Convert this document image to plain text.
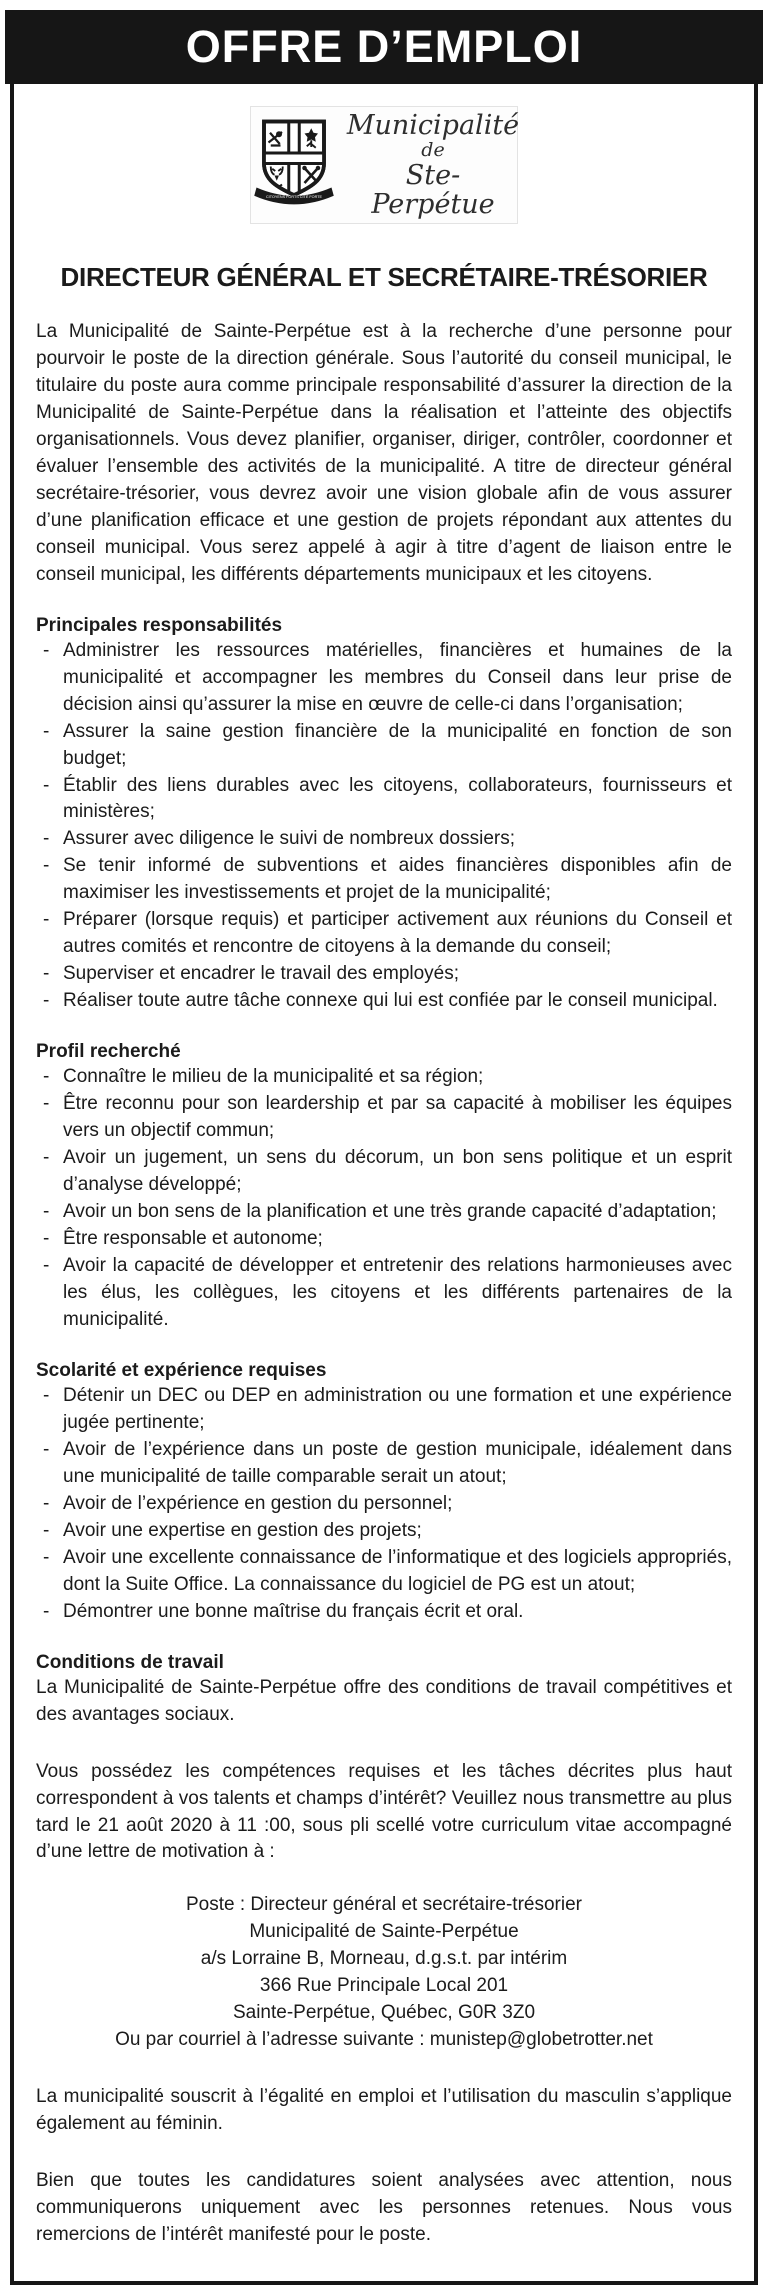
OFFRE D’EMPLOI
CITOYENS FORTS CITÉ FORTE
Municipalité
de
Ste-Perpétue
DIRECTEUR GÉNÉRAL ET SECRÉTAIRE-TRÉSORIER

La Municipalité de Sainte-Perpétue est à la recherche d’une personne pour pourvoir le poste de la direction générale. Sous l’autorité du conseil municipal, le titulaire du poste aura comme principale responsabilité d’assurer la direction de la Municipalité de Sainte-Perpétue dans la réalisation et l’atteinte des objectifs organisationnels. Vous devez planifier, organiser, diriger, contrôler, coordonner et évaluer l’ensemble des activités de la municipalité. A titre de directeur général secrétaire-trésorier, vous devrez avoir une vision globale afin de vous assurer d’une planification efficace et une gestion de projets répondant aux attentes du conseil municipal. Vous serez appelé à agir à titre d’agent de liaison entre le conseil municipal, les différents départements municipaux et les citoyens.

Principales responsabilités
- Administrer les ressources matérielles, financières et humaines de la municipalité et accompagner les membres du Conseil dans leur prise de décision ainsi qu’assurer la mise en œuvre de celle-ci dans l’organisation;
- Assurer la saine gestion financière de la municipalité en fonction de son budget;
- Établir des liens durables avec les citoyens, collaborateurs, fournisseurs et ministères;
- Assurer avec diligence le suivi de nombreux dossiers;
- Se tenir informé de subventions et aides financières disponibles afin de maximiser les investissements et projet de la municipalité;
- Préparer (lorsque requis) et participer activement aux réunions du Conseil et autres comités et rencontre de citoyens à la demande du conseil;
- Superviser et encadrer le travail des employés;
- Réaliser toute autre tâche connexe qui lui est confiée par le conseil municipal.
Profil recherché
- Connaître le milieu de la municipalité et sa région;
- Être reconnu pour son leardership et par sa capacité à mobiliser les équipes vers un objectif commun;
- Avoir un jugement, un sens du décorum, un bon sens politique et un esprit d’analyse développé;
- Avoir un bon sens de la planification et une très grande capacité d’adaptation;
- Être responsable et autonome;
- Avoir la capacité de développer et entretenir des relations harmonieuses avec les élus, les collègues, les citoyens et les différents partenaires de la municipalité.
Scolarité et expérience requises
- Détenir un DEC ou DEP en administration ou une formation et une expérience jugée pertinente;
- Avoir de l’expérience dans un poste de gestion municipale, idéalement dans une municipalité de taille comparable serait un atout;
- Avoir de l’expérience en gestion du personnel;
- Avoir une expertise en gestion des projets;
- Avoir une excellente connaissance de l’informatique et des logiciels appropriés, dont la Suite Office. La connaissance du logiciel de PG est un atout;
- Démontrer une bonne maîtrise du français écrit et oral.
Conditions de travail

La Municipalité de Sainte-Perpétue offre des conditions de travail compétitives et des avantages sociaux.

Vous possédez les compétences requises et les tâches décrites plus haut correspondent à vos talents et champs d’intérêt? Veuillez nous transmettre au plus tard le 21 août 2020 à 11 :00, sous pli scellé votre curriculum vitae accompagné d’une lettre de motivation à :

Poste : Directeur général et secrétaire-trésorier
Municipalité de Sainte-Perpétue
a/s Lorraine B, Morneau, d.g.s.t. par intérim
366 Rue Principale Local 201
Sainte-Perpétue, Québec, G0R 3Z0
Ou par courriel à l’adresse suivante : munistep@globetrotter.net

La municipalité souscrit à l’égalité en emploi et l’utilisation du masculin s’applique également au féminin.

Bien que toutes les candidatures soient analysées avec attention, nous communiquerons uniquement avec les personnes retenues. Nous vous remercions de l’intérêt manifesté pour le poste.
